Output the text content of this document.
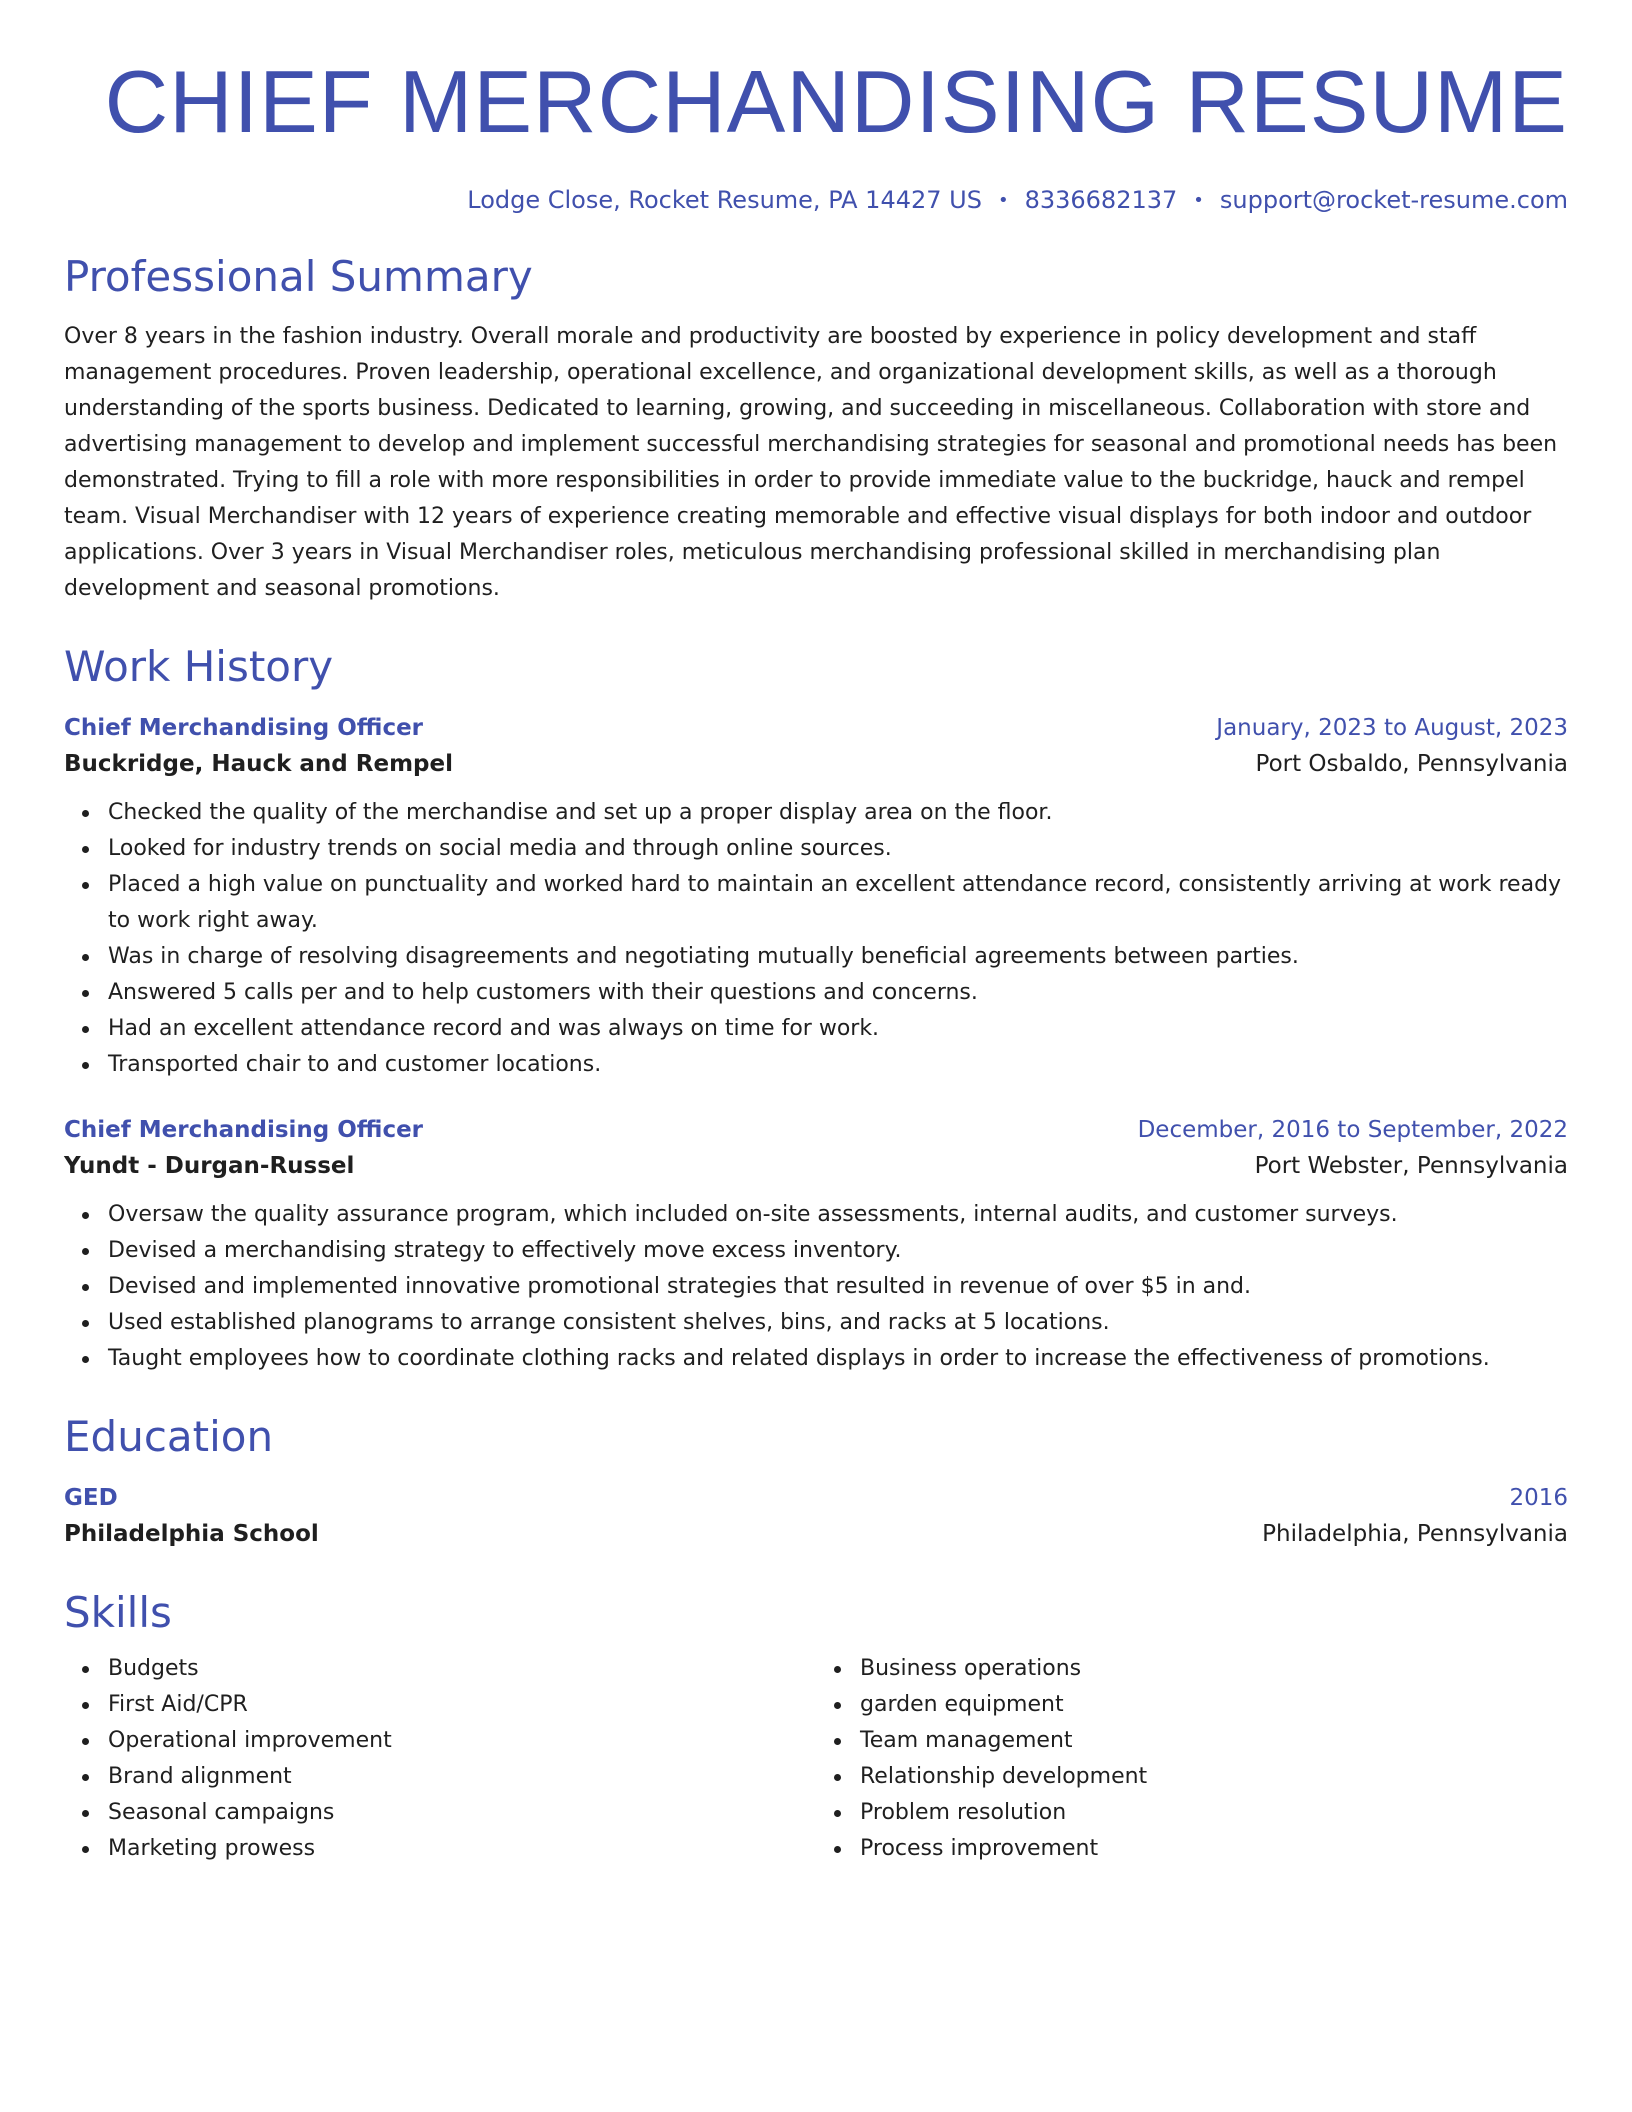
CHIEF MERCHANDISING RESUME
Lodge Close, Rocket Resume, PA 14427 US • 8336682137 • support@rocket-resume.com
Professional Summary

Over 8 years in the fashion industry. Overall morale and productivity are boosted by experience in policy development and staff management procedures. Proven leadership, operational excellence, and organizational development skills, as well as a thorough understanding of the sports business. Dedicated to learning, growing, and succeeding in miscellaneous. Collaboration with store and advertising management to develop and implement successful merchandising strategies for seasonal and promotional needs has been demonstrated. Trying to fill a role with more responsibilities in order to provide immediate value to the buckridge, hauck and rempel team. Visual Merchandiser with 12 years of experience creating memorable and effective visual displays for both indoor and outdoor applications. Over 3 years in Visual Merchandiser roles, meticulous merchandising professional skilled in merchandising plan development and seasonal promotions.

Work History
Chief Merchandising Officer	January, 2023 to August, 2023
Buckridge, Hauck and Rempel	Port Osbaldo, Pennsylvania
Checked the quality of the merchandise and set up a proper display area on the floor.
Looked for industry trends on social media and through online sources.
Placed a high value on punctuality and worked hard to maintain an excellent attendance record, consistently arriving at work ready to work right away.
Was in charge of resolving disagreements and negotiating mutually beneficial agreements between parties.
Answered 5 calls per and to help customers with their questions and concerns.
Had an excellent attendance record and was always on time for work.
Transported chair to and customer locations.
Chief Merchandising Officer	December, 2016 to September, 2022
Yundt - Durgan-Russel	Port Webster, Pennsylvania
Oversaw the quality assurance program, which included on-site assessments, internal audits, and customer surveys.
Devised a merchandising strategy to effectively move excess inventory.
Devised and implemented innovative promotional strategies that resulted in revenue of over $5 in and.
Used established planograms to arrange consistent shelves, bins, and racks at 5 locations.
Taught employees how to coordinate clothing racks and related displays in order to increase the effectiveness of promotions.
Education
GED	2016
Philadelphia School	Philadelphia, Pennsylvania
Skills
Budgets
First Aid/CPR
Operational improvement
Brand alignment
Seasonal campaigns
Marketing prowess
Business operations
garden equipment
Team management
Relationship development
Problem resolution
Process improvement
